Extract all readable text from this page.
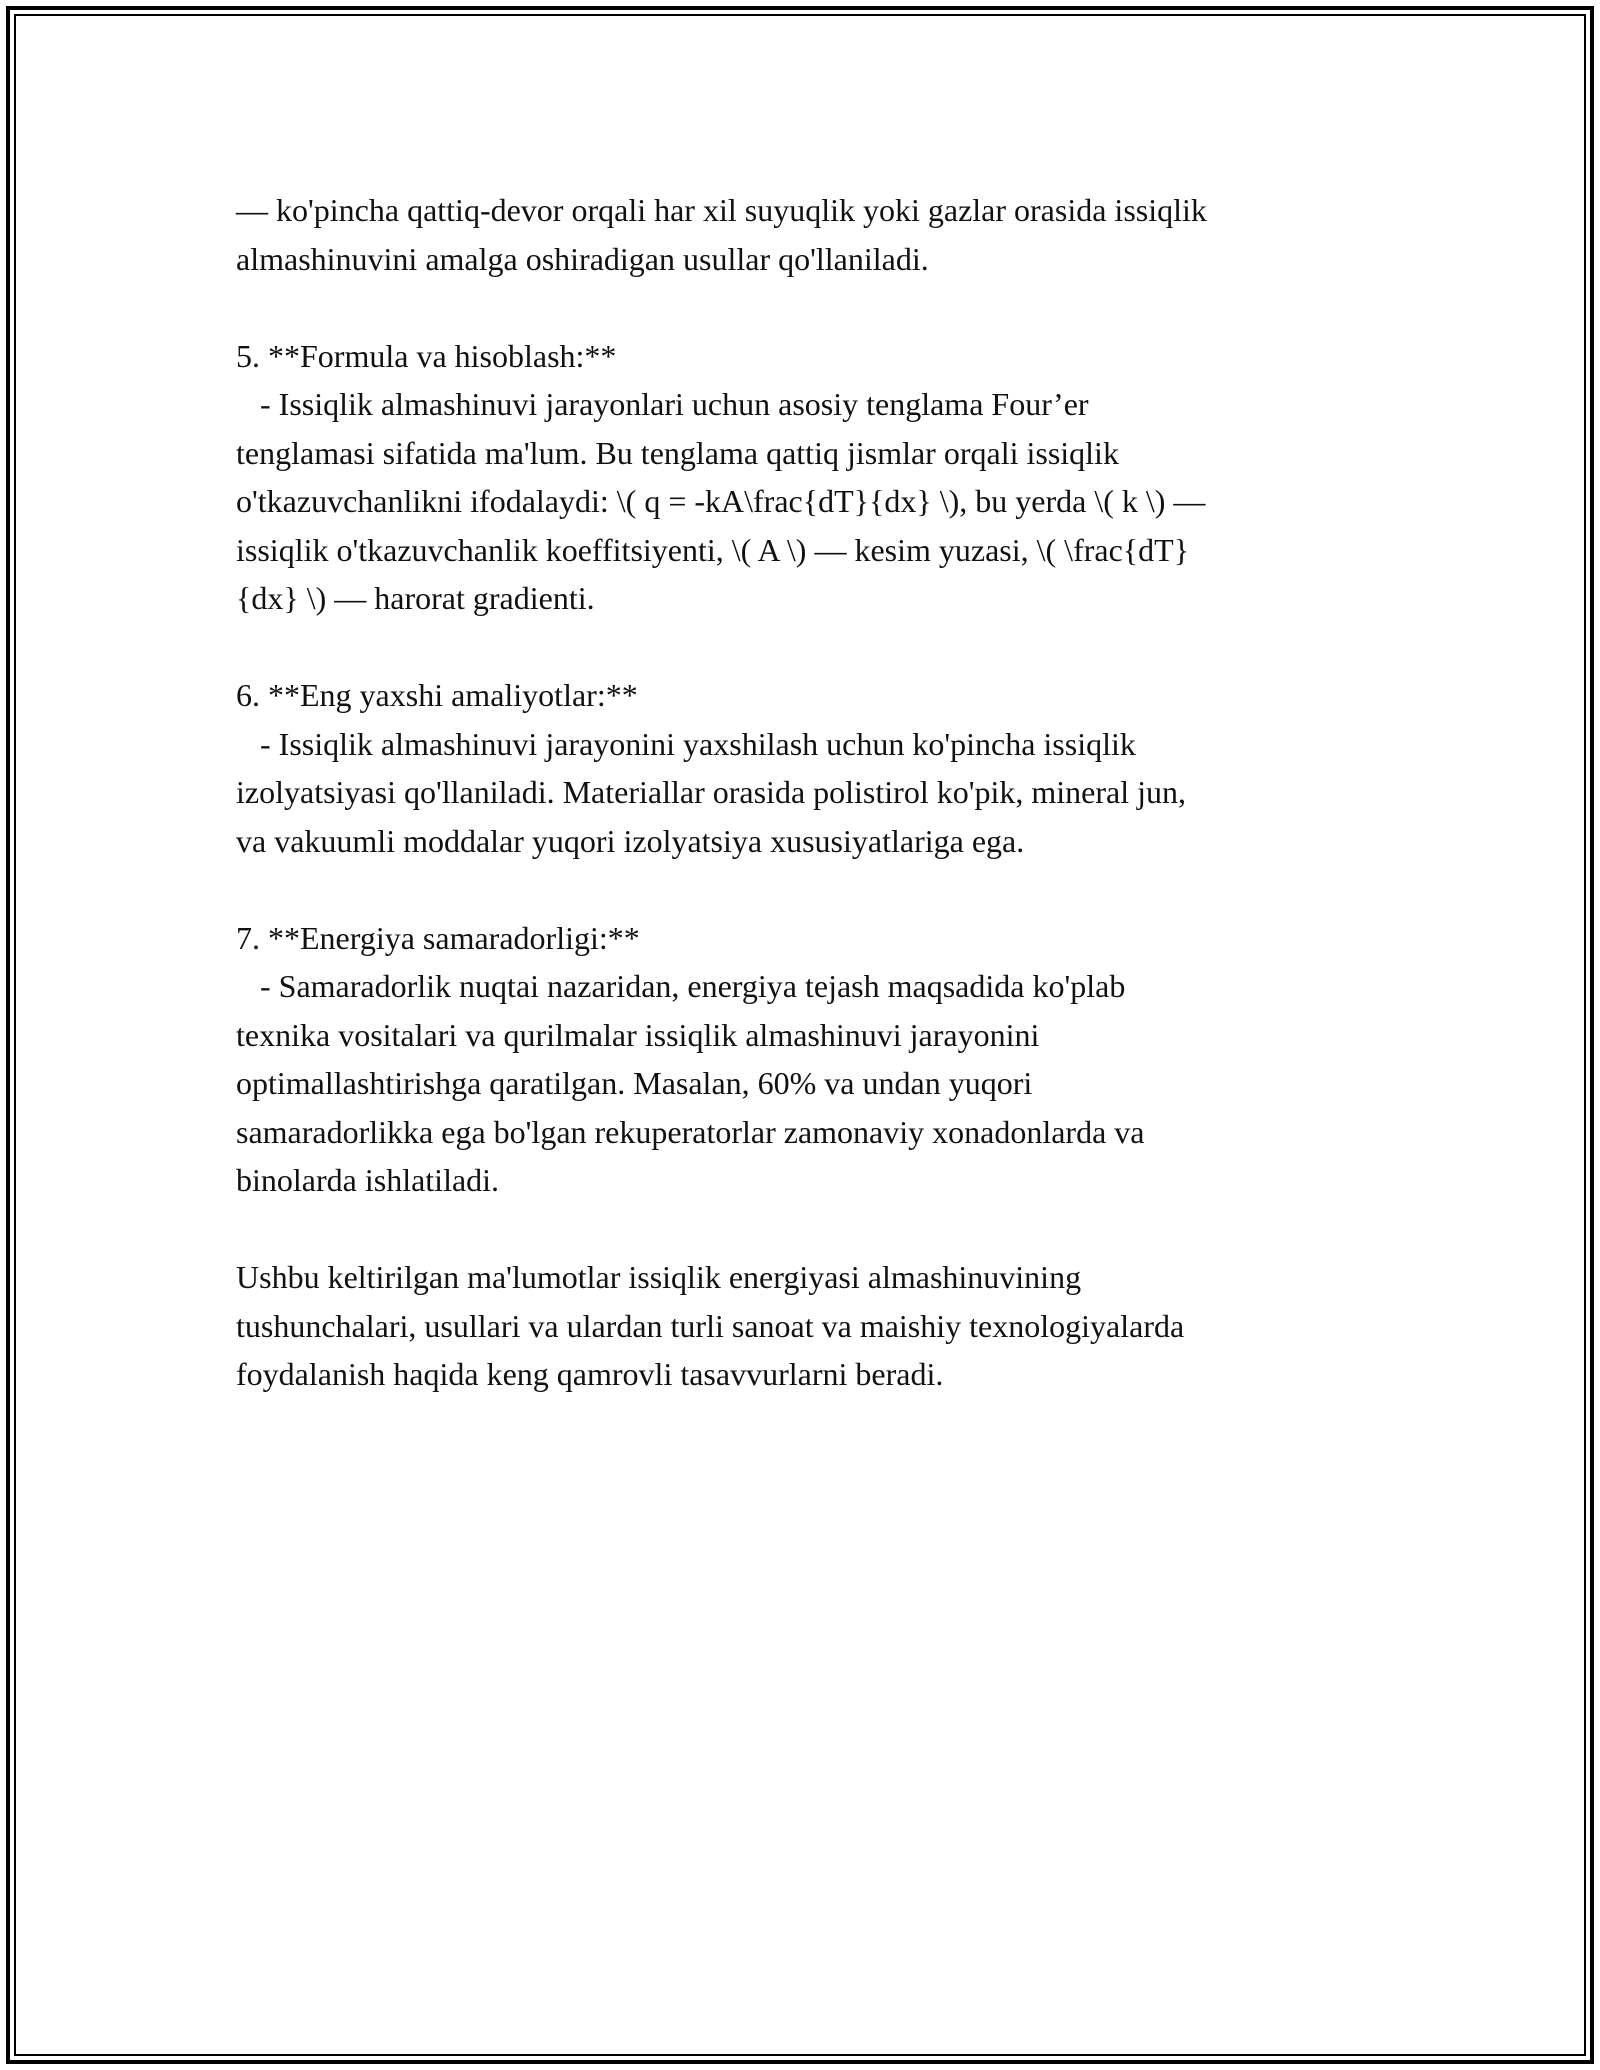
— ko'pincha qattiq-devor orqali har xil suyuqlik yoki gazlar orasida issiqlik
almashinuvini amalga oshiradigan usullar qo'llaniladi.
5. **Formula va hisoblash:**
- Issiqlik almashinuvi jarayonlari uchun asosiy tenglama Four’er
tenglamasi sifatida ma'lum. Bu tenglama qattiq jismlar orqali issiqlik
o'tkazuvchanlikni ifodalaydi: \( q = -kA\frac{dT}{dx} \), bu yerda \( k \) —
issiqlik o'tkazuvchanlik koeffitsiyenti, \( A \) — kesim yuzasi, \( \frac{dT}
{dx} \) — harorat gradienti.
6. **Eng yaxshi amaliyotlar:**
- Issiqlik almashinuvi jarayonini yaxshilash uchun ko'pincha issiqlik
izolyatsiyasi qo'llaniladi. Materiallar orasida polistirol ko'pik, mineral jun,
va vakuumli moddalar yuqori izolyatsiya xususiyatlariga ega.
7. **Energiya samaradorligi:**
- Samaradorlik nuqtai nazaridan, energiya tejash maqsadida ko'plab
texnika vositalari va qurilmalar issiqlik almashinuvi jarayonini
optimallashtirishga qaratilgan. Masalan, 60% va undan yuqori
samaradorlikka ega bo'lgan rekuperatorlar zamonaviy xonadonlarda va
binolarda ishlatiladi.
Ushbu keltirilgan ma'lumotlar issiqlik energiyasi almashinuvining
tushunchalari, usullari va ulardan turli sanoat va maishiy texnologiyalarda
foydalanish haqida keng qamrovli tasavvurlarni beradi.
